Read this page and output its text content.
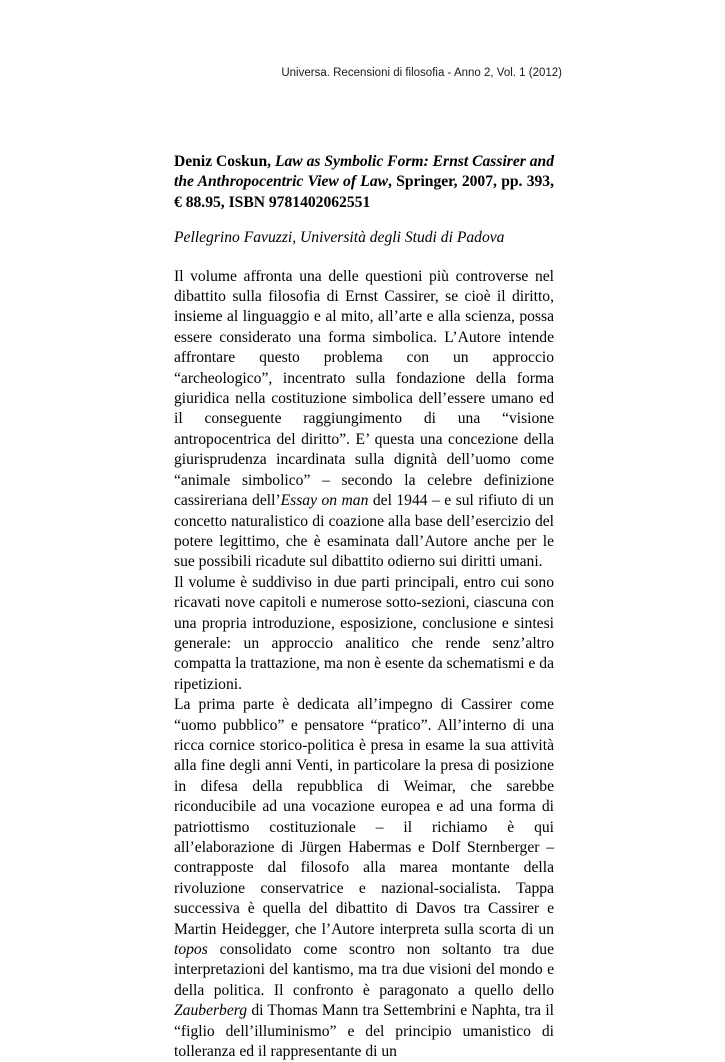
Universa. Recensioni di filosofia - Anno 2, Vol. 1 (2012)

Deniz Coskun, Law as Symbolic Form: Ernst Cassirer and the Anthropocentric View of Law, Springer, 2007, pp. 393, € 88.95, ISBN 9781402062551

Pellegrino Favuzzi, Università degli Studi di Padova

Il volume affronta una delle questioni più controverse nel dibattito sulla filosofia di Ernst Cassirer, se cioè il diritto, insieme al linguaggio e al mito, all’arte e alla scienza, possa essere considerato una forma simbolica. L’Autore intende affrontare questo problema con un approccio “archeologico”, incentrato sulla fondazione della forma giuridica nella costituzione simbolica dell’essere umano ed il conseguente raggiungimento di una “visione antropocentrica del diritto”. E’ questa una concezione della giurisprudenza incardinata sulla dignità dell’uomo come “animale simbolico” – secondo la celebre definizione cassireriana dell’Essay on man del 1944 – e sul rifiuto di un concetto naturalistico di coazione alla base dell’esercizio del potere legittimo, che è esaminata dall’Autore anche per le sue possibili ricadute sul dibattito odierno sui diritti umani.

Il volume è suddiviso in due parti principali, entro cui sono ricavati nove capitoli e numerose sotto-sezioni, ciascuna con una propria introduzione, esposizione, conclusione e sintesi generale: un approccio analitico che rende senz’altro compatta la trattazione, ma non è esente da schematismi e da ripetizioni.

La prima parte è dedicata all’impegno di Cassirer come “uomo pubblico” e pensatore “pratico”. All’interno di una ricca cornice storico-politica è presa in esame la sua attività alla fine degli anni Venti, in particolare la presa di posizione in difesa della repubblica di Weimar, che sarebbe riconducibile ad una vocazione europea e ad una forma di patriottismo costituzionale – il richiamo è qui all’elaborazione di Jürgen Habermas e Dolf Sternberger – contrapposte dal filosofo alla marea montante della rivoluzione conservatrice e nazional-socialista. Tappa successiva è quella del dibattito di Davos tra Cassirer e Martin Heidegger, che l’Autore interpreta sulla scorta di un topos consolidato come scontro non soltanto tra due interpretazioni del kantismo, ma tra due visioni del mondo e della politica. Il confronto è paragonato a quello dello Zauberberg di Thomas Mann tra Settembrini e Naphta, tra il “figlio dell’illuminismo” e del principio umanistico di tolleranza ed il rappresentante di un
